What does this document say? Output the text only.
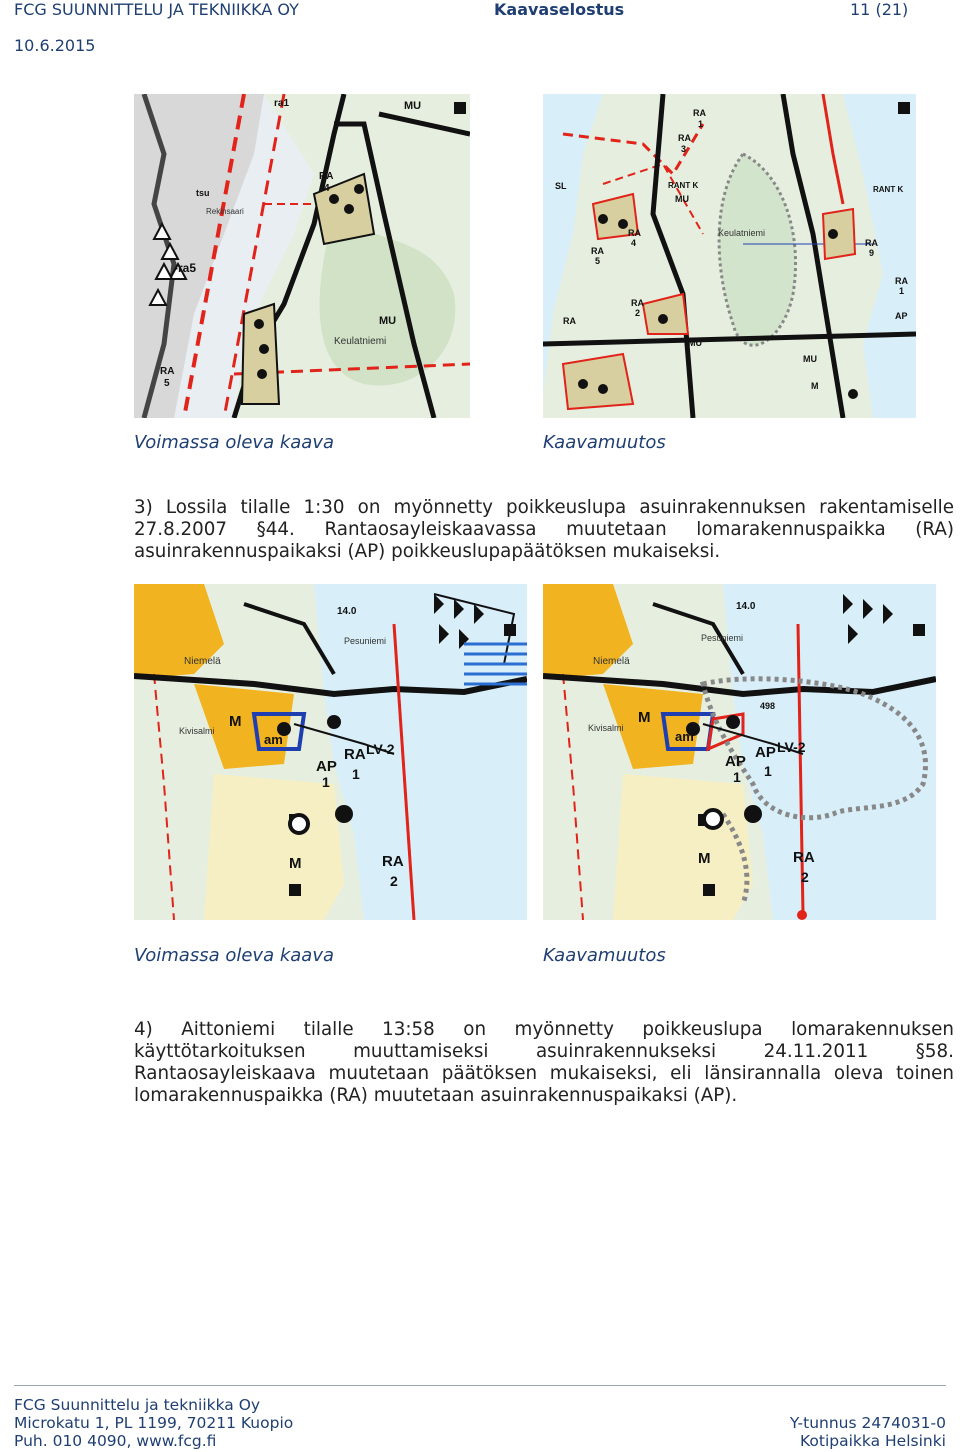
FCG SUUNNITTELU JA TEKNIIKKA OY	Kaavaselostus	11 (21)
10.6.2015
ra1	MU
RA
4
tsu
Rekinsaari
-ra5
MU
Keulatniemi
RA
5
RA
1
RA
3
SL	RANT K
MU
RA
4
Keulatniemi
RA
5
RA
2
RA
MU
MU
RA
9
RA
1
AP
M
RANT K
Voimassa oleva kaava	Kaavamuutos
3) Lossila tilalle 1:30 on myönnetty poikkeuslupa asuinrakennuksen rakentamiselle 27.8.2007 §44. Rantaosayleiskaavassa muutetaan lomarakennuspaikka (RA) asuinrakennuspaikaksi (AP) poikkeuslupapäätöksen mukaiseksi.
14.0
Pesuniemi
Niemelä
M
Kivisalmi
am
RA LV-2
AP
1 1
M	RA
2
14.0
Pesuniemi
Niemelä
M
Kivisalmi
am
498
AP LV-2
AP
1 1
M	RA
2
Voimassa oleva kaava	Kaavamuutos
4) Aittoniemi tilalle 13:58 on myönnetty poikkeuslupa lomarakennuksen käyttötarkoituksen muuttamiseksi asuinrakennukseksi 24.11.2011 §58. Rantaosayleiskaava muutetaan päätöksen mukaiseksi, eli länsirannalla oleva toinen lomarakennuspaikka (RA) muutetaan asuinrakennuspaikaksi (AP).
FCG Suunnittelu ja tekniikka Oy
Microkatu 1, PL 1199, 70211 Kuopio
Puh. 010 4090, www.fcg.fi
Y-tunnus 2474031-0
Kotipaikka Helsinki
